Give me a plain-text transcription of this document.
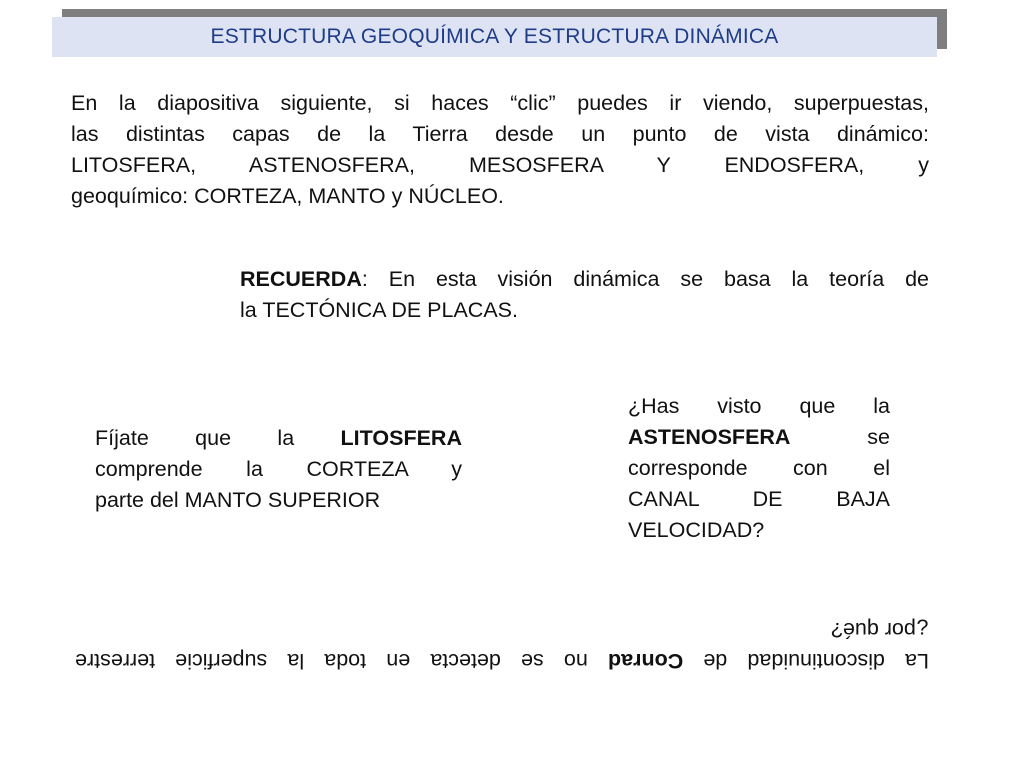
ESTRUCTURA GEOQUÍMICA Y ESTRUCTURA DINÁMICA
En la diapositiva siguiente, si haces “clic” puedes ir viendo, superpuestas,
las distintas capas de la Tierra desde un punto de vista dinámico:
LITOSFERA, ASTENOSFERA, MESOSFERA Y ENDOSFERA, y
geoquímico: CORTEZA, MANTO y NÚCLEO.
RECUERDA: En esta visión dinámica se basa la teoría de
la TECTÓNICA DE PLACAS.
Fíjate que la LITOSFERA
comprende la CORTEZA y
parte del MANTO SUPERIOR
¿Has visto que la
ASTENOSFERA se
corresponde con el
CANAL DE BAJA
VELOCIDAD?
La discontinuidad de Conrad no se detecta en toda la superficie terrestre
¿por qué?
